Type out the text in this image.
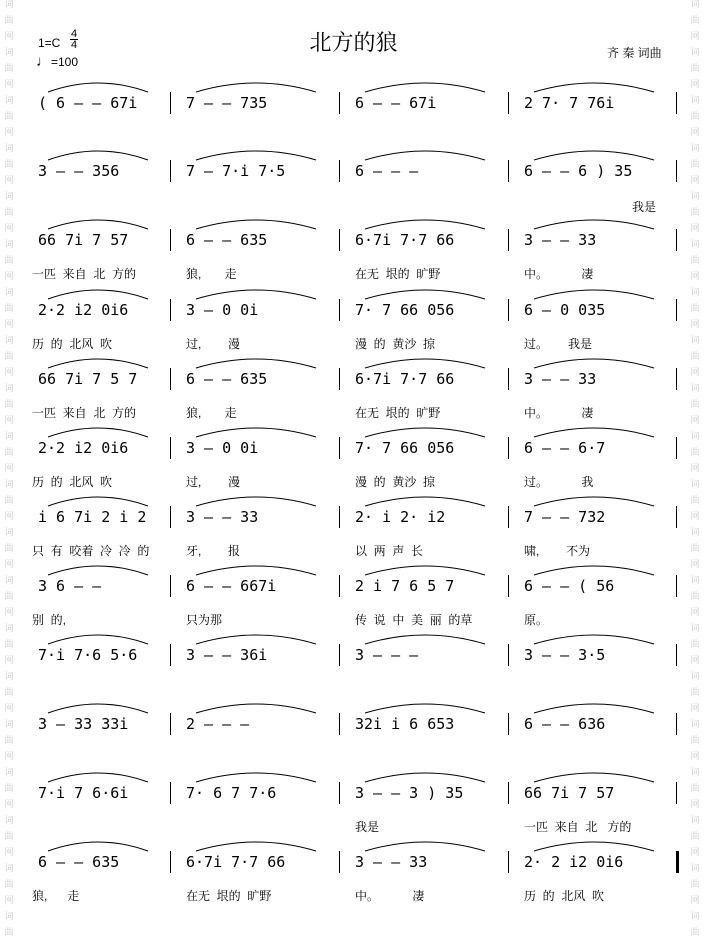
词
曲
网
词
曲
网
词
曲
网
词
曲
网
词
曲
网
词
曲
网
词
曲
网
词
曲
网
词
曲
网
词
曲
网
词
曲
网
词
曲
网
词
曲
网
词
曲
网
词
曲
网
词
曲
网
词
曲
网
词
曲
网
词
曲
网
词
曲
词
曲
网
词
曲
网
词
曲
网
词
曲
网
词
曲
网
词
曲
网
词
曲
网
词
曲
网
词
曲
网
词
曲
网
词
曲
网
词
曲
网
词
曲
网
词
曲
网
词
曲
网
词
曲
网
词
曲
网
词
曲
网
词
曲
网
词
曲
北方的狼
1=C
4
4
♩=100
齐 秦 词曲
( 6 – – 67i	7 – – 735	6 – – 67i	2 7· 7 76i
3 – – 356	7 – 7·i 7·5	6 – – –	6 – – 6 ) 35
我是
66 7i 7 57	6 – – 635	6·7i 7·7 66	3 – – 33
一匹  来自  北  方的	狼,       走	在无  垠的  旷野	中。          凄
2·2 i2 0i6	3 – 0 0i	7· 7 66 056	6 – 0 035
历  的  北风  吹	过,        漫	漫  的  黄沙  掠	过。      我是
66 7i 7 5 7	6 – – 635	6·7i 7·7 66	3 – – 33
一匹  来自  北  方的	狼,       走	在无  垠的  旷野	中。          凄
2·2 i2 0i6	3 – 0 0i	7· 7 66 056	6 – – 6·7
历  的  北风  吹	过,        漫	漫  的  黄沙  掠	过。          我
i 6 7i 2 i 2	3 – – 33	2· i 2· i2	7 – – 732
只  有  咬着  冷  冷  的	牙,        报	以  两  声  长	啸,        不为
3 6 – –	6 – – 667i	2 i 7 6 5 7	6 – – ( 56
别  的,	只为那	传  说  中  美  丽  的草	原。
7·i 7·6 5·6	3 – – 36i	3 – – –	3 – – 3·5
3 – 33 33i	2 – – –	32i i 6 653	6 – – 636
7·i 7 6·6i	7· 6 7 7·6	3 – – 3 ) 35	66 7i 7 57
我是	一匹  来自  北   方的
6 – – 635	6·7i 7·7 66	3 – – 33	2· 2 i2 0i6
狼,      走	在无  垠的  旷野	中。          凄	历  的  北风  吹
